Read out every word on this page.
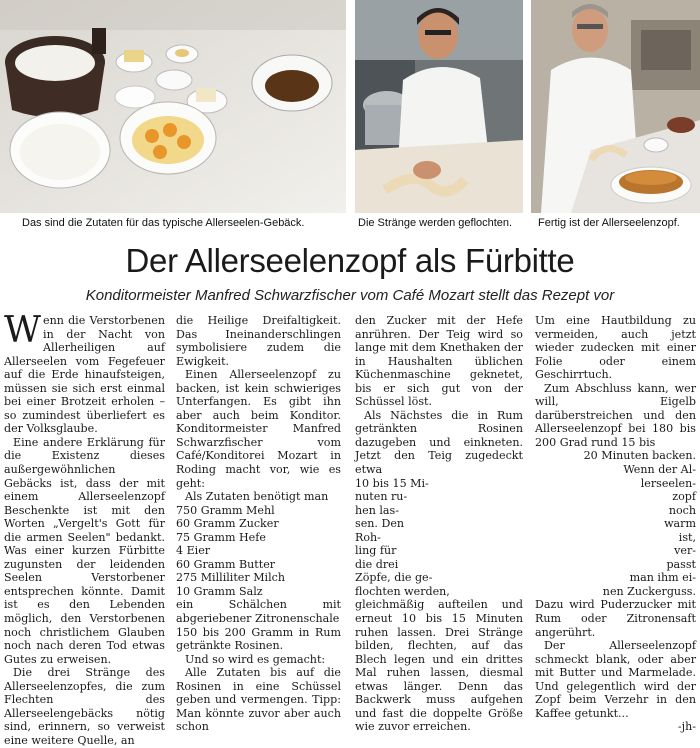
Das sind die Zutaten für das typische Allerseelen-Gebäck.	Die Stränge werden geflochten. Fertig ist der Allerseelenzopf.
Der Allerseelenzopf als Fürbitte
Konditormeister Manfred Schwarzfischer vom Café Mozart stellt das Rezept vor

Wenn die Verstorbenen in der Nacht von Allerheiligen auf Allerseelen vom Fegefeuer auf die Erde hinaufsteigen, müssen sie sich erst einmal bei einer Brotzeit erholen – so zumindest überliefert es der Volksglaube.

Eine andere Erklärung für die Existenz dieses außergewöhnlichen Gebäcks ist, dass der mit einem Allerseelenzopf Beschenkte ist mit den Worten „Vergelt's Gott für die armen Seelen" bedankt. Was einer kurzen Fürbitte zugunsten der leidenden Seelen Verstorbener entsprechen könnte. Damit ist es den Lebenden möglich, den Verstorbenen noch christlichem Glauben noch nach deren Tod etwas Gutes zu erweisen.

Die drei Stränge des Allerseelenzopfes, die zum Flechten des Allerseelengebäcks nötig sind, erinnern, so verweist eine weitere Quelle, an

die Heilige Dreifaltigkeit. Das Ineinanderschlingen symbolisiere zudem die Ewigkeit.

Einen Allerseelenzopf zu backen, ist kein schwieriges Unterfangen. Es gibt ihn aber auch beim Konditor. Konditormeister Manfred Schwarzfischer vom Café/Konditorei Mozart in Roding macht vor, wie es geht:

Als Zutaten benötigt man

750 Gramm Mehl

60 Gramm Zucker

75 Gramm Hefe

4 Eier

60 Gramm Butter

275 Milliliter Milch

10 Gramm Salz

ein Schälchen mit abgeriebener Zitronenschale

150 bis 200 Gramm in Rum getränkte Rosinen.

Und so wird es gemacht:

Alle Zutaten bis auf die Rosinen in eine Schüssel geben und vermengen. Tipp: Man könnte zuvor aber auch schon

den Zucker mit der Hefe anrühren. Der Teig wird so lange mit dem Knethaken der in Haushalten üblichen Küchenmaschine geknetet, bis er sich gut von der Schüssel löst.

Als Nächstes die in Rum getränkten Rosinen dazugeben und einkneten. Jetzt den Teig zugedeckt etwa

10 bis 15 Mi-
nuten ru-
hen las-
sen. Den
Roh-
ling für
die drei
Zöpfe, die ge-
flochten werden,

gleichmäßig aufteilen und erneut 10 bis 15 Minuten ruhen lassen. Drei Stränge bilden, flechten, auf das Blech legen und ein drittes Mal ruhen lassen, diesmal etwas länger. Denn das Backwerk muss aufgehen und fast die doppelte Größe wie zuvor erreichen.

Um eine Hautbildung zu vermeiden, auch jetzt wieder zudecken mit einer Folie oder einem Geschirrtuch.

Zum Abschluss kann, wer will, Eigelb darüberstreichen und den Allerseelenzopf bei 180 bis 200 Grad rund 15 bis

20 Minuten backen.
Wenn der Al-
lerseelen-
zopf
noch
warm
ist,
ver-
passt
man ihm ei-
nen Zuckerguss.

Dazu wird Puderzucker mit Rum oder Zitronensaft angerührt.

Der Allerseelenzopf schmeckt blank, oder aber mit Butter und Marmelade. Und gelegentlich wird der Zopf beim Verzehr in den Kaffee getunkt...

-jh-
